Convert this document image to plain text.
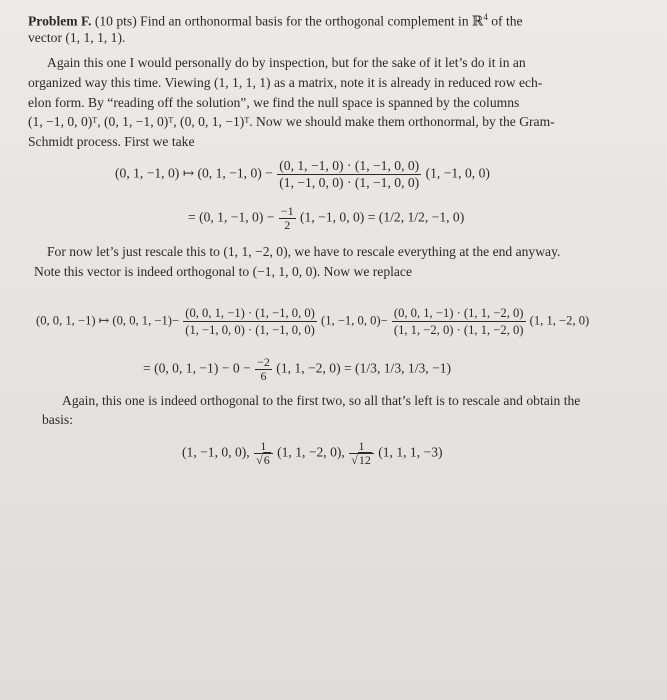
Problem F. (10 pts) Find an orthonormal basis for the orthogonal complement in ℝ$^4$ of the
vector (1, 1, 1, 1).
Again this one I would personally do by inspection, but for the sake of it let’s do it in an
organized way this time. Viewing (1, 1, 1, 1) as a matrix, note it is already in reduced row ech-
elon form. By “reading off the solution”, we find the null space is spanned by the columns
(1, −1, 0, 0)ᵀ, (0, 1, −1, 0)ᵀ, (0, 0, 1, −1)ᵀ. Now we should make them orthonormal, by the Gram-
Schmidt process. First we take
(0, 1, −1, 0) ↦ (0, 1, −1, $0) - \frac{(0, 1, -1, 0) \cdot (1, -1, 0, 0)}{(1, -1, 0, 0) \cdot (1, -1, 0, 0)} (1$, −1, 0, 0)
= (0, 1, −1, $0) - \frac{-1}{2} (1$, −1, 0, 0) = (1/2, 1/2, −1, 0)
For now let’s just rescale this to (1, 1, −2, 0), we have to rescale everything at the end anyway.
Note this vector is indeed orthogonal to (−1, 1, 0, 0). Now we replace
(0, 0, 1, −1) ↦ (0, 0, 1, $-1)- \frac{(0, 0, 1, -1) \cdot (1, -1, 0, 0)}{(1, -1, 0, 0) \cdot (1, -1, 0, 0)} (1$, −1, 0, $0)- \frac{(0, 0, 1, -1) \cdot (1, 1, -2, 0)}{(1, 1, -2, 0) \cdot (1, 1, -2, 0)} (1$, 1, −2, 0)
= (0, 0, 1, $-1) - 0 - \frac{-2}{6} (1$, 1, −2, 0) = (1/3, 1/3, 1/3, −1)
Again, this one is indeed orthogonal to the first two, so all that’s left is to rescale and obtain the
basis:
(1, −1, 0, 0), $\frac{1}{√6} (1$, 1, −2, 0), $\frac{1}{√12} (1$, 1, 1, −3)
